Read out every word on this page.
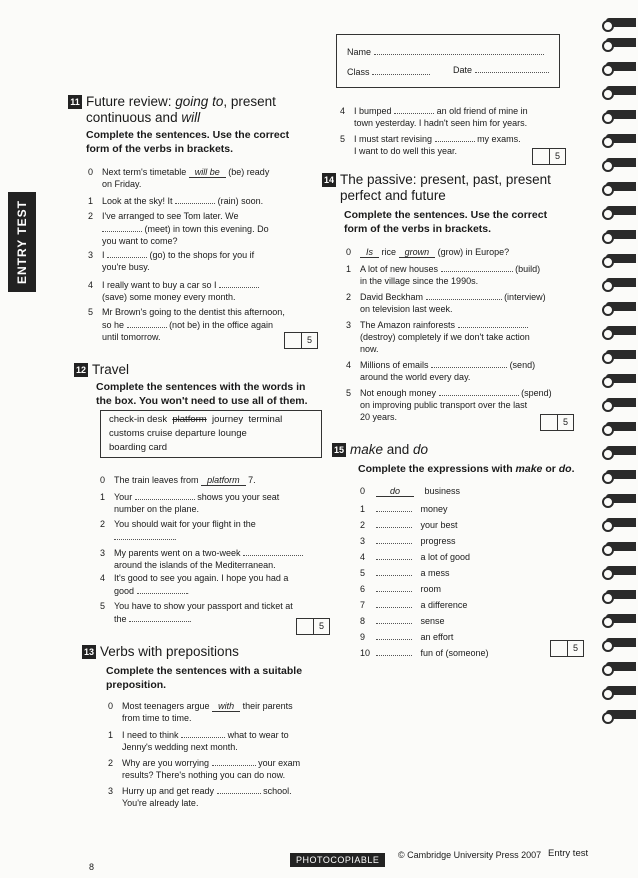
ENTRY TEST
Name
Class	Date
11 Future review: going to, present
continuous and will
Complete the sentences. Use the correct
form of the verbs in brackets.
0 Next term's timetable will be (be) ready
on Friday.
1 Look at the sky! It	(rain) soon.
2 I've arranged to see Tom later. We
(meet) in town this evening. Do
you want to come?
3 I	(go) to the shops for you if
you're busy.
4 I really want to buy a car so I
(save) some money every month.
5 Mr Brown's going to the dentist this afternoon,
so he	(not be) in the office again
until tomorrow.	5
12 Travel
Complete the sentences with the words in
the box. You won't need to use all of them.
check-in desk platform journey terminal
customs cruise departure lounge
boarding card
0 The train leaves from platform 7.
1 Your	shows you your seat
number on the plane.
2 You should wait for your flight in the
.
3 My parents went on a two-week
around the islands of the Mediterranean.
4 It's good to see you again. I hope you had a
good	.
5 You have to show your passport and ticket at
the	.
5
13 Verbs with prepositions
Complete the sentences with a suitable
preposition.
0 Most teenagers argue with their parents
from time to time.
1 I need to think	what to wear to
Jenny's wedding next month.
2 Why are you worrying	your exam
results? There's nothing you can do now.
3 Hurry up and get ready	school.
You're already late.
4 I bumped	an old friend of mine in
town yesterday. I hadn't seen him for years.
5 I must start revising	my exams.
I want to do well this year.	5
14 The passive: present, past, present
perfect and future
Complete the sentences. Use the correct
form of the verbs in brackets.
0 Is rice grown (grow) in Europe?
1 A lot of new houses	(build)
in the village since the 1990s.
2 David Beckham	(interview)
on television last week.
3 The Amazon rainforests
(destroy) completely if we don't take action
now.
4 Millions of emails	(send)
around the world every day.
5 Not enough money	(spend)
on improving public transport over the last
20 years.	5
15 make and do
Complete the expressions with make or do.
0	do	business
1	money
2	your best
3	progress
4	a lot of good
5	a mess
6	room
7	a difference
8	sense
9	an effort
10	fun of (someone)	5
PHOTOCOPIABLE	© Cambridge University Press 2007 Entry test
8
